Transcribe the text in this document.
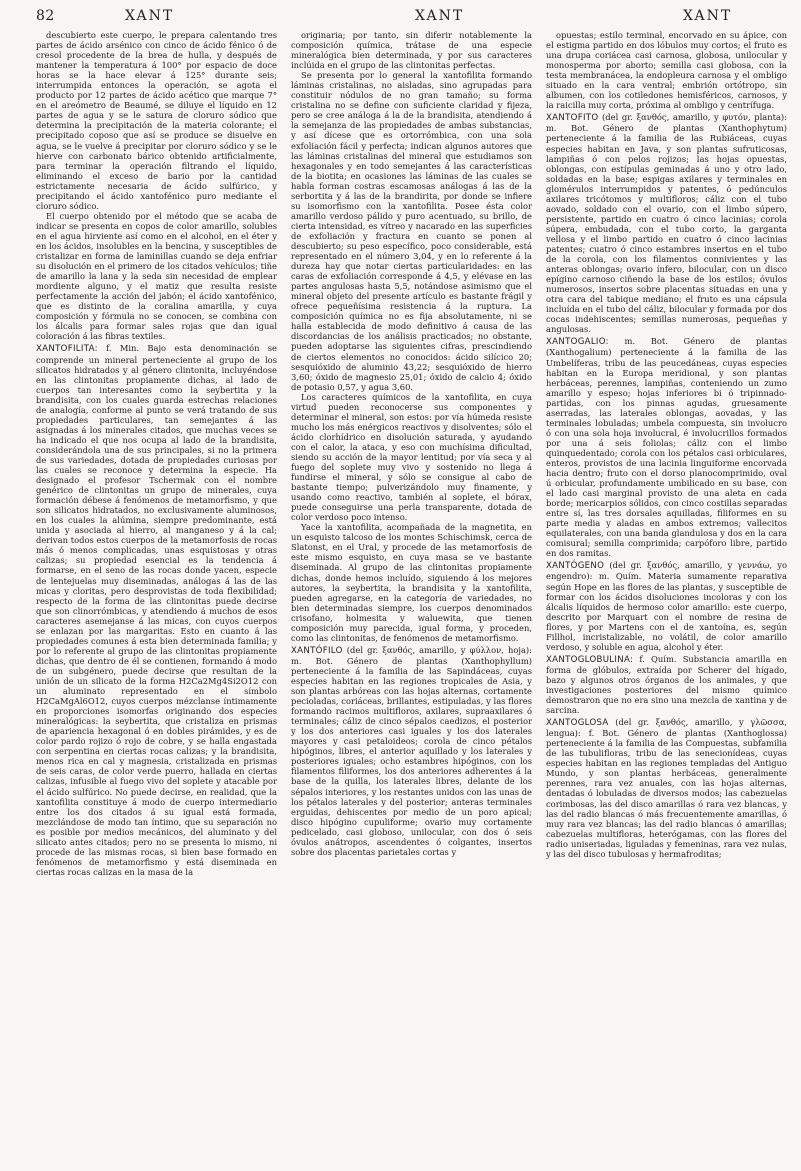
82	XANT	XANT	XANT

descubierto este cuerpo, le prepara calentando tres partes de ácido arsénico con cinco de ácido fénico ó de cresol procedente de la brea de hulla, y después de mantener la temperatura á 100° por espacio de doce horas se la hace elevar á 125° durante seis; interrumpida entonces la operación, se agota el producto por 12 partes de ácido acético que marque 7° en el areómetro de Beaumé, se diluye el líquido en 12 partes de agua y se le satura de cloruro sódico que determina la precipitación de la materia colorante; el precipitado coposo que así se produce se disuelve en agua, se le vuelve á precipitar por cloruro sódico y se le hierve con carbonato bárico obtenido artificialmente, para terminar la operación filtrando el líquido, eliminando el exceso de bario por la cantidad estrictamente necesaria de ácido sulfúrico, y precipitando el ácido xantofénico puro mediante el cloruro sódico.

El cuerpo obtenido por el método que se acaba de indicar se presenta en copos de color amarillo, solubles en el agua hirviente así como en el alcohol, en el éter y en los ácidos, insolubles en la bencina, y susceptibles de cristalizar en forma de laminillas cuando se deja enfriar su disolución en el primero de los citados vehículos; tiñe de amarillo la lana y la seda sin necesidad de emplear mordiente alguno, y el matiz que resulta resiste perfectamente la acción del jabón; el ácido xantofénico, que es distinto de la coralina amarilla, y cuya composición y fórmula no se conocen, se combina con los álcalis para formar sales rojas que dan igual coloración á las fibras textiles.

XANTOFILITA: f. Min. Bajo esta denominación se comprende un mineral perteneciente al grupo de los silicatos hidratados y al género clintonita, incluyéndose en las clintonitas propiamente dichas, al lado de cuerpos tan interesantes como la seybertita y la brandisita, con los cuales guarda estrechas relaciones de analogía, conforme al punto se verá tratando de sus propiedades particulares, tan semejantes á las asignadas á los minerales citados, que muchas veces se ha indicado el que nos ocupa al lado de la brandisita, considerándola una de sus principales, si no la primera de sus variedades, dotada de propiedades curiosas por las cuales se reconoce y determina la especie. Ha designado el profesor Tschermak con el nombre genérico de clintonitas un grupo de minerales, cuya formación débese á fenómenos de metamorfismo, y que son silicatos hidratados, no exclusivamente aluminosos, en los cuales la alúmina, siempre predominante, está unida y asociada al hierro, al manganeso y á la cal; derivan todos estos cuerpos de la metamorfosis de rocas más ó menos complicadas, unas esquistosas y otras calizas; su propiedad esencial es la tendencia á formarse, en el seno de las rocas donde yacen, especie de lentejuelas muy diseminadas, análogas á las de las micas y cloritas, pero desprovistas de toda flexibilidad; respecto de la forma de las clintonitas puede decirse que son clinorrómbicas, y atendiendo á muchos de esos caracteres asemejanse á las micas, con cuyos cuerpos se enlazan por las margaritas. Esto en cuanto á las propiedades comunes á esta bien determinada familia; y por lo referente al grupo de las clintonitas propiamente dichas, que dentro de él se contienen, formando á modo de un subgénero, puede decirse que resultan de la unión de un silicato de la forma H2Ca2Mg4Si2O12 con un aluminato representado en el símbolo H2CaMgAl6O12, cuyos cuerpos mézclanse íntimamente en proporciones isomorfas originando dos especies mineralógicas: la seybertita, que cristaliza en prismas de apariencia hexagonal ó en dobles pirámides, y es de color pardo rojizo ó rojo de cobre, y se halla engastada con serpentina en ciertas rocas calizas; y la brandisita, menos rica en cal y magnesia, cristalizada en prismas de seis caras, de color verde puerro, hallada en ciertas calizas, infusible al fuego vivo del soplete y atacable por el ácido sulfúrico. No puede decirse, en realidad, que la xantofilita constituye á modo de cuerpo intermediario entre los dos citados á su igual está formada, mezclándose de modo tan íntimo, que su separación no es posible por medios mecánicos, del aluminato y del silicato antes citados; pero no se presenta lo mismo, ni procede de las mismas rocas, si bien base formado en fenómenos de metamorfismo y está diseminada en ciertas rocas calizas en la masa de la

originaria; por tanto, sin diferir notablemente la composición química, trátase de una especie mineralógica bien determinada, y por sus caracteres inclúida en el grupo de las clintonitas perfectas.

Se presenta por lo general la xantofilita formando láminas cristalinas, no aisladas, sino agrupadas para constituir nódulos de no gran tamaño; su forma cristalina no se define con suficiente claridad y fijeza, pero se cree análoga á la de la brandisita, atendiendo á la semejanza de las propiedades de ambas substancias, y así dícese que es ortorrómbica, con una sola exfoliación fácil y perfecta; indican algunos autores que las láminas cristalinas del mineral que estudiamos son hexagonales y en todo semejantes á las características de la biotita; en ocasiones las láminas de las cuales se habla forman costras escamosas análogas á las de la serbortita y á las de la brandirita, por donde se infiere su isomorfismo con la xantofilita. Posee ésta color amarillo verdoso pálido y puro acentuado, su brillo, de cierta intensidad, es vítreo y nacarado en las superficies de exfoliación y fractura en cuanto se ponen al descubierto; su peso específico, poco considerable, está representado en el número 3,04, y en lo referente á la dureza hay que notar ciertas particularidades: en las caras de exfoliación corresponde á 4,5, y elévase en las partes angulosas hasta 5,5, notándose asimismo que el mineral objeto del presente artículo es bastante frágil y ofrece pequeñísima resistencia á la ruptura. La composición química no es fija absolutamente, ni se halla establecida de modo definitivo á causa de las discordancias de los análisis practicados; no obstante, pueden adoptarse las siguientes cifras, prescindiendo de ciertos elementos no conocidos: ácido silícico 20; sesquióxido de aluminio 43,22; sesquióxido de hierro 3,60; óxido de magnesio 25,01; óxido de calcio 4; óxido de potasio 0,57, y agua 3,60.

Los caracteres químicos de la xantofilita, en cuya virtud pueden reconocerse sus componentes y determinar el mineral, son estos: por vía húmeda resiste mucho los más enérgicos reactivos y disolventes; sólo el ácido clorhídrico en disolución saturada, y ayudando con el calor, la ataca, y eso con muchísima dificultad, siendo su acción de la mayor lentitud; por vía seca y al fuego del soplete muy vivo y sostenido no llega á fundirse el mineral, y sólo se consigue al cabo de bastante tiempo; pulverizándolo muy finamente, y usando como reactivo, también al soplete, el bórax, puede conseguirse una perla transparente, dotada de color verdoso poco intenso.

Yace la xantofilita, acompañada de la magnetita, en un esquisto talcoso de los montes Schischimsk, cerca de Slatonst, en el Ural, y procede de las metamorfosis de este mismo esquisto, en cuya masa se ve bastante diseminada. Al grupo de las clintonitas propiamente dichas, donde hemos incluído, siguiendo á los mejores autores, la seybertita, la brandisita y la xantofilita, pueden agregarse, en la categoría de variedades, no bien determinadas siempre, los cuerpos denominados crisofano, holmesita y waluewita, que tienen composición muy parecida, igual forma, y proceden, como las clintonitas, de fenómenos de metamorfismo.

XANTÓFILO (del gr. ξανθός, amarillo, y φύλλον, hoja): m. Bot. Género de plantas (Xanthophyllum) perteneciente á la familia de las Sapindáceas, cuyas especies habitan en las regiones tropicales de Asia, y son plantas arbóreas con las hojas alternas, cortamente pecioladas, coriáceas, brillantes, estipuladas, y las flores formando racimos multifloros, axilares, supraaxilares ó terminales; cáliz de cinco sépalos caedizos, el posterior y los dos anteriores casi iguales y los dos laterales mayores y casi petaloideos; corola de cinco pétalos hipóginos, libres, el anterior aquillado y los laterales y posteriores iguales; ocho estambres hipóginos, con los filamentos filiformes, los dos anteriores adherentes á la base de la quilla, los laterales libres, delante de los sépalos interiores, y los restantes unidos con las unas de los pétalos laterales y del posterior; anteras terminales erguidas, dehiscentes por medio de un poro apical; disco hipógino cupuliforme; ovario muy cortamente pedicelado, casi globoso, unilocular, con dos ó seis óvulos anátropos, ascendentes ó colgantes, insertos sobre dos placentas parietales cortas y

opuestas; estilo terminal, encorvado en su ápice, con el estigma partido en dos lóbulos muy cortos; el fruto es una drupa coriácea casi carnosa, globosa, unilocular y monosperma por aborto; semilla casi globosa, con la testa membranácea, la endopleura carnosa y el ombligo situado en la cara ventral; embrión ortótropo, sin albumen, con los cotiledones hemisféricos, carnosos, y la raicilla muy corta, próxima al ombligo y centrífuga.

XANTOFITO (del gr. ξανθός, amarillo, y φυτόν, planta): m. Bot. Género de plantas (Xanthophytum) perteneciente á la familia de las Rubiáceas, cuyas especies habitan en Java, y son plantas sufruticosas, lampiñas ó con pelos rojizos; las hojas opuestas, oblongas, con estípulas geminadas á uno y otro lado, soldadas en la base; espigas axilares y terminales en glomérulos interrumpidos y patentes, ó pedúnculos axilares tricótomos y multifloros; cáliz con el tubo aovado, soldado con el ovario, con el limbo súpero, persistente, partido en cuatro ó cinco lacinias; corola súpera, embudada, con el tubo corto, la garganta vellosa y el limbo partido en cuatro ó cinco lacinias patentes; cuatro ó cinco estambres insertos en el tubo de la corola, con los filamentos connivientes y las anteras oblongas; ovario ínfero, bilocular, con un disco epígino carnoso ciñendo la base de los estilos; óvulos numerosos, insertos sobre placentas situadas en una y otra cara del tabique mediano; el fruto es una cápsula incluída en el tubo del cáliz, bilocular y formada por dos cocas indehiscentes; semillas numerosas, pequeñas y angulosas.

XANTOGALIO: m. Bot. Género de plantas (Xanthogalium) perteneciente á la familia de las Umbelíferas, tribu de las peucedáneas, cuyas especies habitan en la Europa meridional, y son plantas herbáceas, perennes, lampiñas, conteniendo un zumo amarillo y espeso; hojas inferiores bi ó tripinnado-partidas, con los pinnas agudas, gruesamente aserradas, las laterales oblongas, aovadas, y las terminales lobuladas; umbela compuesta, sin involucro ó con una sola hoja involucral, é involucrillos formados por una á seis foliolas; cáliz con el limbo quinquedentado; corola con los pétalos casi orbiculares, enteros, provistos de una lacinia linguiforme encorvada hacia dentro; fruto con el dorso planocomprimido, oval ú orbicular, profundamente umbilicado en su base, con el lado casi marginal provisto de una aleta en cada borde; mericarpios sólidos, con cinco costillas separadas entre sí, las tres dorsales aquilladas, filiformes en su parte media y aladas en ambos extremos; vallecitos equilaterales, con una banda glandulosa y dos en la cara comisural; semilla comprimida; carpóforo libre, partido en dos ramitas.

XANTÓGENO (del gr. ξανθός, amarillo, y γεννάω, yo engendro): m. Quím. Materia sumamente reparativa según Hope en las flores de las plantas, y susceptible de formar con los ácidos disoluciones incoloras y con los álcalis líquidos de hermoso color amarillo: este cuerpo, descrito por Marquart con el nombre de resina de flores, y por Martens con el de xantoína, es, según Fillhol, incristalizable, no volátil, de color amarillo verdoso, y soluble en agua, alcohol y éter.

XANTOGLOBULINA: f. Quím. Substancia amarilla en forma de glóbulos, extraída por Scherer del hígado, bazo y algunos otros órganos de los animales, y que investigaciones posteriores del mismo químico demostraron que no era sino una mezcla de xantina y de sarcina.

XANTOGLOSA (del gr. ξανθός, amarillo, y γλῶσσα, lengua): f. Bot. Género de plantas (Xanthoglossa) perteneciente á la familia de las Compuestas, subfamilia de las tubulifloras, tribu de las senecionídeas, cuyas especies habitan en las regiones templadas del Antiguo Mundo, y son plantas herbáceas, generalmente perennes, rara vez anuales, con las hojas alternas, dentadas ó lobuladas de diversos modos; las cabezuelas corimbosas, las del disco amarillas ó rara vez blancas, y las del radio blancas ó más frecuentemente amarillas, ó muy rara vez blancas; las del radio blancas ó amarillas; cabezuelas multifloras, heterógamas, con las flores del radio uniseriadas, liguladas y femeninas, rara vez nulas, y las del disco tubulosas y hermafroditas;
